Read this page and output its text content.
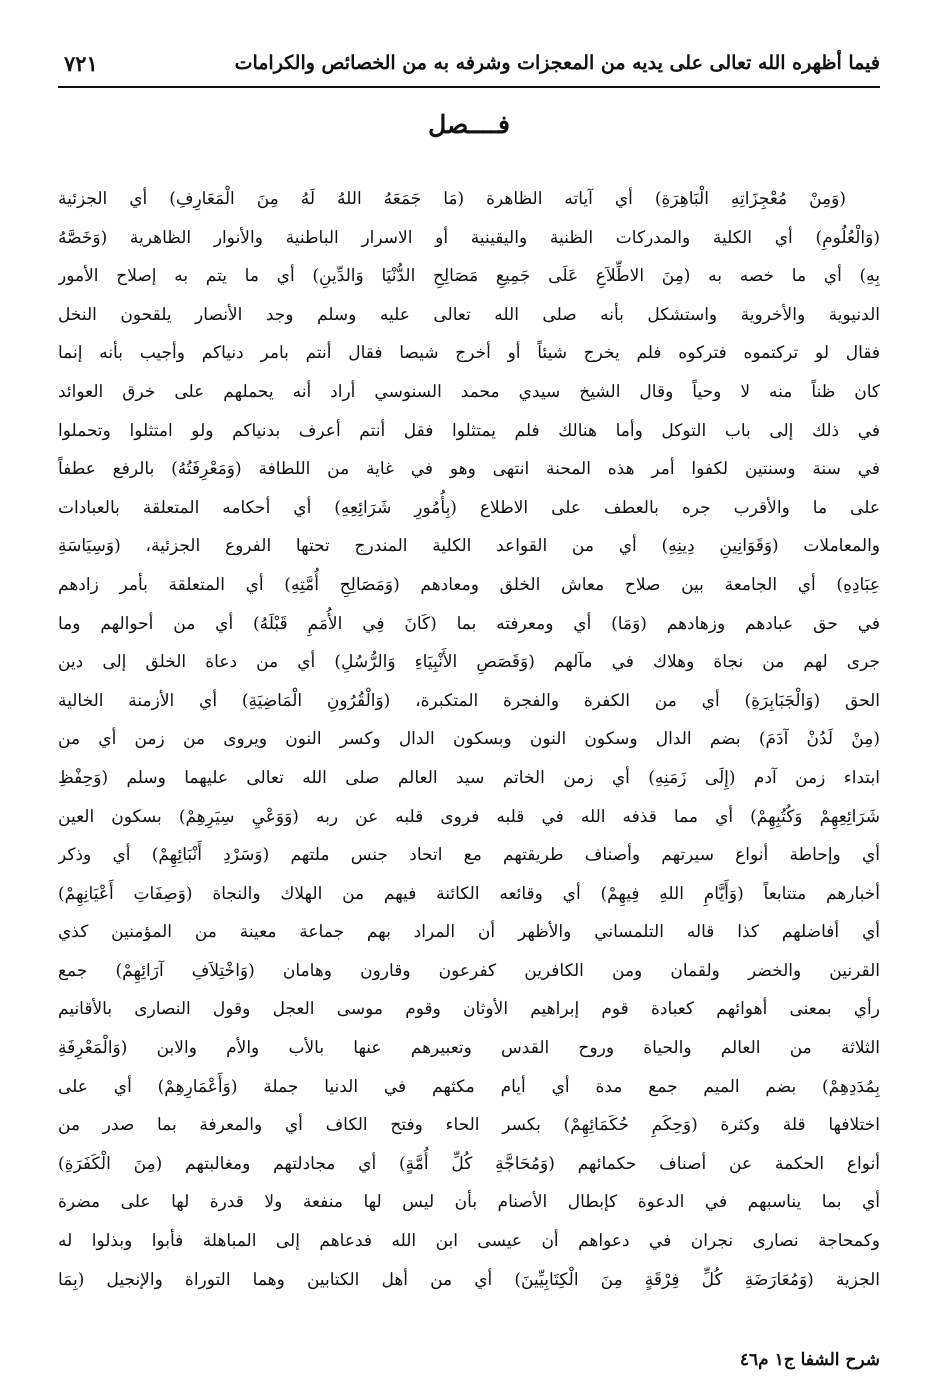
فيما أظهره الله تعالى على يديه من المعجزات وشرفه به من الخصائص والكرامات
٧٢١
فــــصل
(وَمِنْ مُعْجِزَاتِهِ الْبَاهِرَةِ) أي آياته الظاهرة (مَا جَمَعَهُ اللهُ لَهُ مِنَ الْمَعَارِفِ) أي الجزئية
(وَالْعُلُومِ) أي الكلية والمدركات الظنية واليقينية أو الاسرار الباطنية والأنوار الظاهرية (وَخَصَّهُ
بِهِ) أي ما خصه به (مِنَ الاطِّلاَعِ عَلَى جَمِيعِ مَصَالِحِ الدُّنْيَا وَالدِّينِ) أي ما يتم به إصلاح الأمور
الدنيوية والأخروية واستشكل بأنه صلى الله تعالى عليه وسلم وجد الأنصار يلقحون النخل
فقال لو تركتموه فتركوه فلم يخرج شيئاً أو أخرج شيصا فقال أنتم بامر دنياكم وأجيب بأنه إنما
كان ظناً منه لا وحياً وقال الشيخ سيدي محمد السنوسي أراد أنه يحملهم على خرق العوائد
في ذلك إلى باب التوكل وأما هنالك فلم يمتثلوا فقل أنتم أعرف بدنياكم ولو امتثلوا وتحملوا
في سنة وسنتين لكفوا أمر هذه المحنة انتهى وهو في غاية من اللطافة (وَمَعْرِفَتُهُ) بالرفع عطفاً
على ما والأقرب جره بالعطف على الاطلاع (بِأُمُورِ شَرَائِعِهِ) أي أحكامه المتعلقة بالعبادات
والمعاملات (وَقَوَانِينِ دِينِهِ) أي من القواعد الكلية المندرج تحتها الفروع الجزئية، (وَسِيَاسَةِ
عِبَادِهِ) أي الجامعة بين صلاح معاش الخلق ومعادهم (وَمَصَالِحِ أُمَّتِهِ) أي المتعلقة بأمر زادهم
في حق عبادهم وزهادهم (وَمَا) أي ومعرفته بما (كَانَ فِي الأُمَمِ قَبْلَهُ) أي من أحوالهم وما
جرى لهم من نجاة وهلاك في مآلهم (وَقَصَصِ الأَنْبِيَاءِ وَالرُّسُلِ) أي من دعاة الخلق إلى دين
الحق (وَالْجَبَابِرَةِ) أي من الكفرة والفجرة المتكبرة، (وَالْقُرُونِ الْمَاضِيَةِ) أي الأزمنة الخالية
(مِنْ لَدُنْ آدَمَ) بضم الدال وسكون النون وبسكون الدال وكسر النون ويروى من زمن أي من
ابتداء زمن آدم (إِلَى زَمَنِهِ) أي زمن الخاتم سيد العالم صلى الله تعالى عليهما وسلم (وَحِفْظِ
شَرَائِعِهِمْ وَكُتُبِهِمْ) أي مما قذفه الله في قلبه فروى قلبه عن ربه (وَوَعْيِ سِيَرِهِمْ) بسكون العين
أي وإحاطة أنواع سيرتهم وأصناف طريقتهم مع اتحاد جنس ملتهم (وَسَرْدِ أَنْبَائِهِمْ) أي وذكر
أخبارهم متتابعاً (وَأَيَّامِ اللهِ فِيهِمْ) أي وقائعه الكائنة فيهم من الهلاك والنجاة (وَصِفَاتِ أَعْيَانِهِمْ)
أي أفاضلهم كذا قاله التلمساني والأظهر أن المراد بهم جماعة معينة من المؤمنين كذي
القرنين والخضر ولقمان ومن الكافرين كفرعون وقارون وهامان (وَاخْتِلاَفِ آرَائِهِمْ) جمع
رأي بمعنى أهوائهم كعبادة قوم إبراهيم الأوثان وقوم موسى العجل وقول النصارى بالأقانيم
الثلاثة من العالم والحياة وروح القدس وتعبيرهم عنها بالأب والأم والابن (وَالْمَعْرِفَةِ
بِمُدَدِهِمْ) بضم الميم جمع مدة أي أيام مكثهم في الدنيا جملة (وَأَعْمَارِهِمْ) أي على
اختلافها قلة وكثرة (وَحِكَمِ حُكَمَائِهِمْ) بكسر الحاء وفتح الكاف أي والمعرفة بما صدر من
أنواع الحكمة عن أصناف حكمائهم (وَمُحَاجَّةِ كُلِّ أُمَّةٍ) أي مجادلتهم ومغالبتهم (مِنَ الْكَفَرَةِ)
أي بما يناسبهم في الدعوة كإبطال الأصنام بأن ليس لها منفعة ولا قدرة لها على مضرة
وكمحاجة نصارى نجران في دعواهم أن عيسى ابن الله فدعاهم إلى المباهلة فأبوا وبذلوا له
الجزية (وَمُعَارَضَةِ كُلِّ فِرْقَةٍ مِنَ الْكِتَابِيِّينَ) أي من أهل الكتابين وهما التوراة والإنجيل (بِمَا
شرح الشفا ج١ م٤٦
